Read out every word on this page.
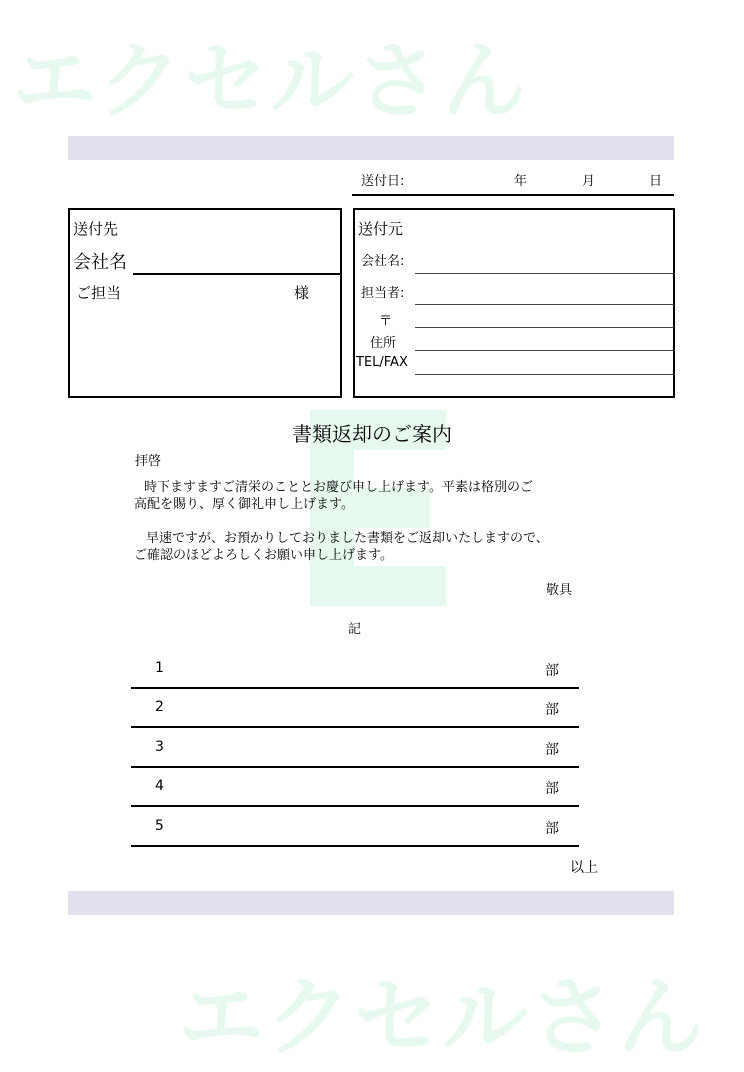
エクセルさん
エクセルさん
送付日:	年	月	日
送付先
会社名
ご担当	様
送付元
会社名:
担当者:
〒
住所
TEL/FAX
書類返却のご案内
拝啓
時下ますますご清栄のこととお慶び申し上げます。平素は格別のご
高配を賜り、厚く御礼申し上げます。
早速ですが、お預かりしておりました書類をご返却いたしますので、
ご確認のほどよろしくお願い申し上げます。
敬具
記
1	部
2	部
3	部
4	部
5	部
以上
